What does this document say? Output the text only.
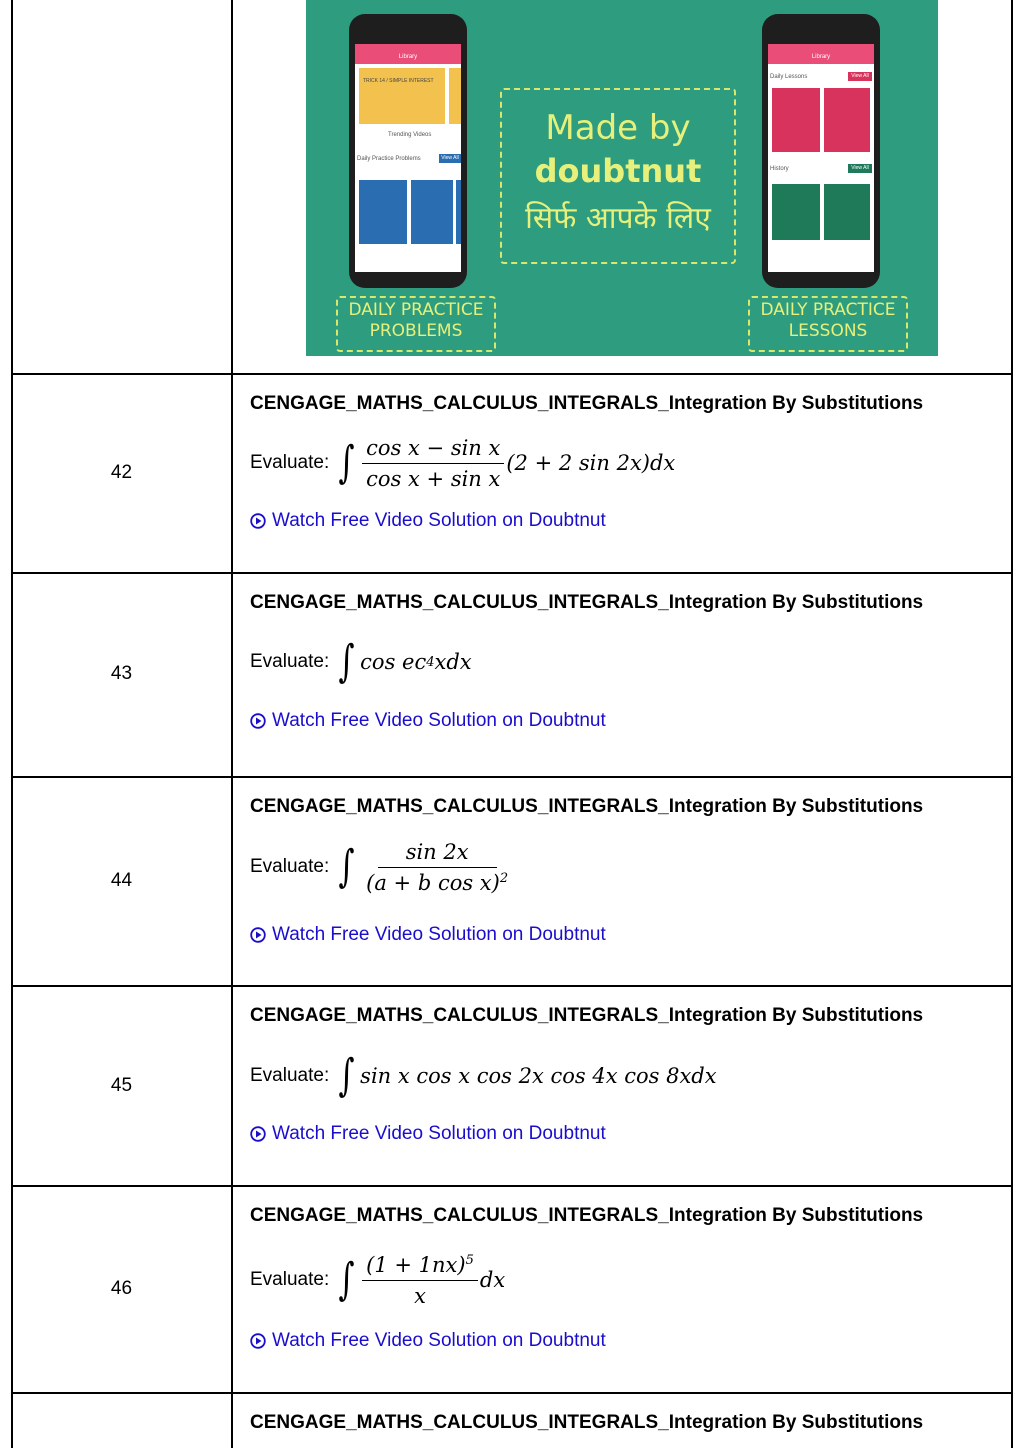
Library
TRICK 14 / SIMPLE INTEREST
Trending Videos
Daily Practice Problems	View All
Library
Daily Lessons	View All
History	View All
Made by
doubtnut
सिर्फ आपके लिए
DAILY PRACTICE
PROBLEMS
DAILY PRACTICE
LESSONS
42
CENGAGE_MATHS_CALCULUS_INTEGRALS_Integration By Substitutions
Evaluate: ∫ $\frac{\text{cos x − sin x}}{\text{cos x + sin x}} (2 + 2$ sin 2x)dx
Watch Free Video Solution on Doubtnut
43
CENGAGE_MATHS_CALCULUS_INTEGRALS_Integration By Substitutions
Evaluate: ∫ cos ec 4 xdx
Watch Free Video Solution on Doubtnut
44
CENGAGE_MATHS_CALCULUS_INTEGRALS_Integration By Substitutions
Evaluate: ∫ $\frac{\sin 2x}{(a + b \cos x)^2}$
Watch Free Video Solution on Doubtnut
45
CENGAGE_MATHS_CALCULUS_INTEGRALS_Integration By Substitutions
Evaluate: ∫ sin x cos x cos 2x cos 4x cos 8xdx
Watch Free Video Solution on Doubtnut
46
CENGAGE_MATHS_CALCULUS_INTEGRALS_Integration By Substitutions
Evaluate: ∫ $\frac{(1 + 1nx)^5}{x}$ dx
Watch Free Video Solution on Doubtnut
CENGAGE_MATHS_CALCULUS_INTEGRALS_Integration By Substitutions
